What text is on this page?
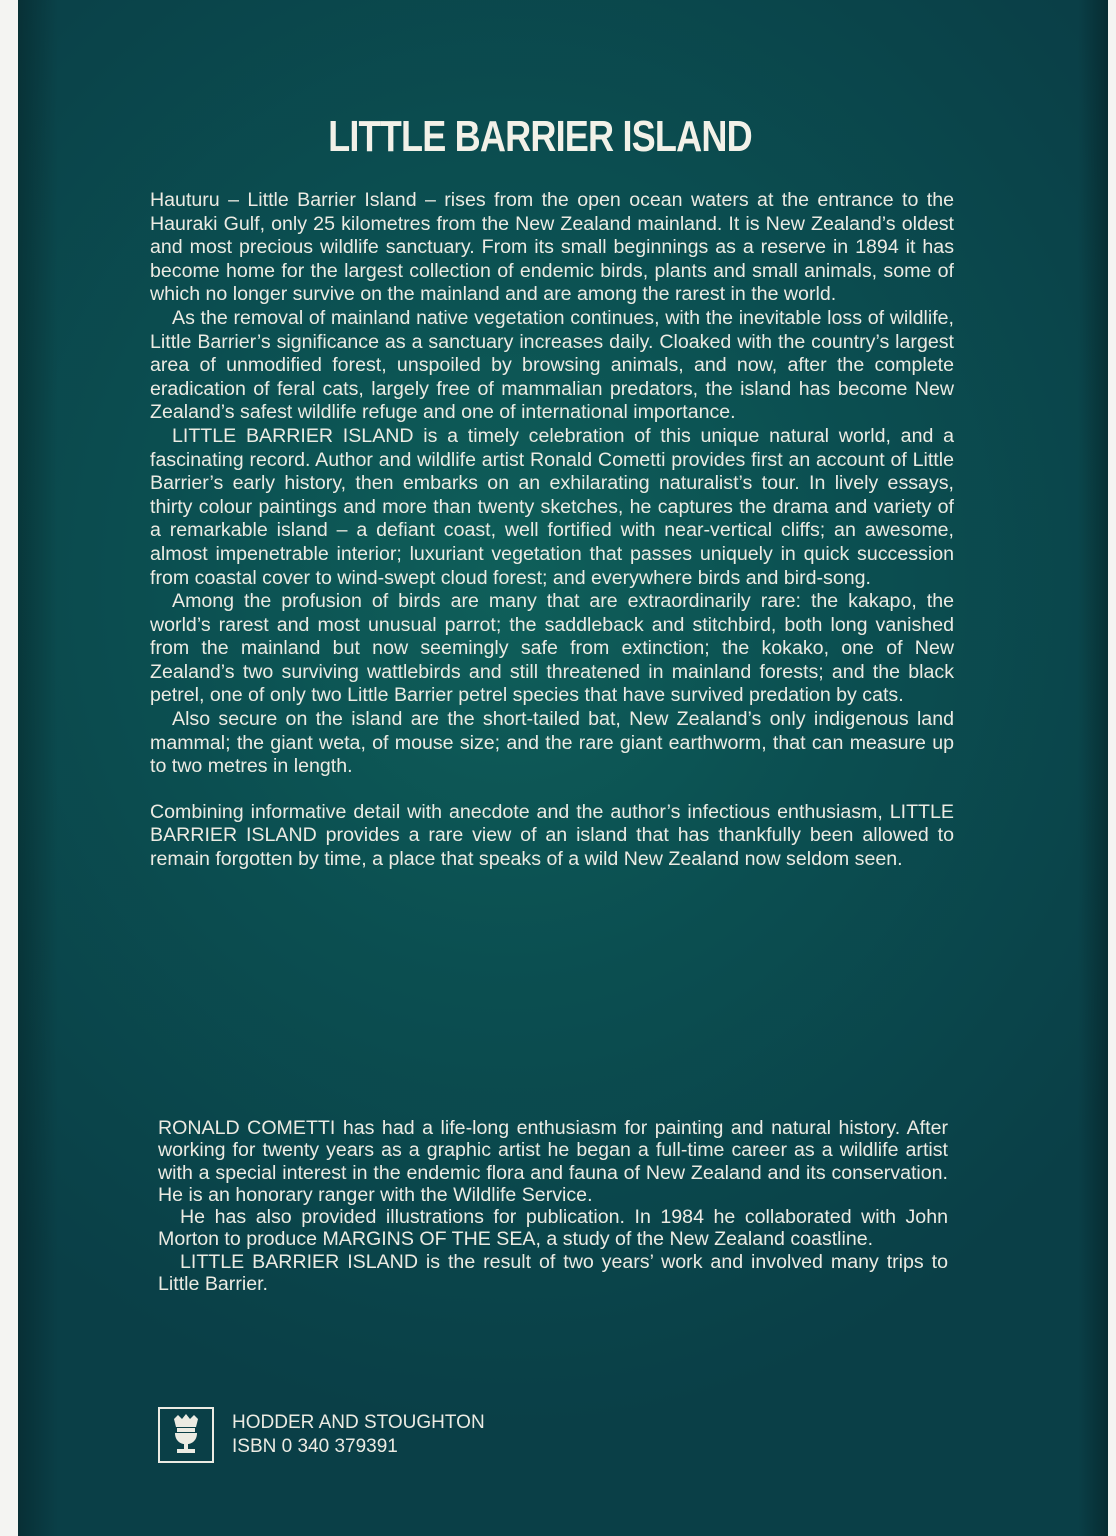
LITTLE BARRIER ISLAND

Hauturu – Little Barrier Island – rises from the open ocean waters at the entrance to the Hauraki Gulf, only 25 kilometres from the New Zealand mainland. It is New Zealand’s oldest and most precious wildlife sanctuary. From its small beginnings as a reserve in 1894 it has become home for the largest collection of endemic birds, plants and small animals, some of which no longer survive on the mainland and are among the rarest in the world.

As the removal of mainland native vegetation continues, with the inevitable loss of wildlife, Little Barrier’s significance as a sanctuary increases daily. Cloaked with the country’s largest area of unmodified forest, unspoiled by browsing animals, and now, after the complete eradication of feral cats, largely free of mammalian predators, the island has become New Zealand’s safest wildlife refuge and one of international importance.

LITTLE BARRIER ISLAND is a timely celebration of this unique natural world, and a fascinating record. Author and wildlife artist Ronald Cometti provides first an account of Little Barrier’s early history, then embarks on an exhilarating naturalist’s tour. In lively essays, thirty colour paintings and more than twenty sketches, he captures the drama and variety of a remarkable island – a defiant coast, well fortified with near-vertical cliffs; an awesome, almost impenetrable interior; luxuriant vegetation that passes uniquely in quick succession from coastal cover to wind-swept cloud forest; and everywhere birds and bird-song.

Among the profusion of birds are many that are extraordinarily rare: the kakapo, the world’s rarest and most unusual parrot; the saddleback and stitchbird, both long vanished from the mainland but now seemingly safe from extinction; the kokako, one of New Zealand’s two surviving wattlebirds and still threatened in mainland forests; and the black petrel, one of only two Little Barrier petrel species that have survived predation by cats.

Also secure on the island are the short-tailed bat, New Zealand’s only indigenous land mammal; the giant weta, of mouse size; and the rare giant earthworm, that can measure up to two metres in length.

Combining informative detail with anecdote and the author’s infectious enthusiasm, LITTLE BARRIER ISLAND provides a rare view of an island that has thankfully been allowed to remain forgotten by time, a place that speaks of a wild New Zealand now seldom seen.

RONALD COMETTI has had a life-long enthusiasm for painting and natural history. After working for twenty years as a graphic artist he began a full-time career as a wildlife artist with a special interest in the endemic flora and fauna of New Zealand and its conservation. He is an honorary ranger with the Wildlife Service.

He has also provided illustrations for publication. In 1984 he collaborated with John Morton to produce MARGINS OF THE SEA, a study of the New Zealand coastline.

LITTLE BARRIER ISLAND is the result of two years’ work and involved many trips to Little Barrier.

HODDER AND STOUGHTON
ISBN 0 340 379391
